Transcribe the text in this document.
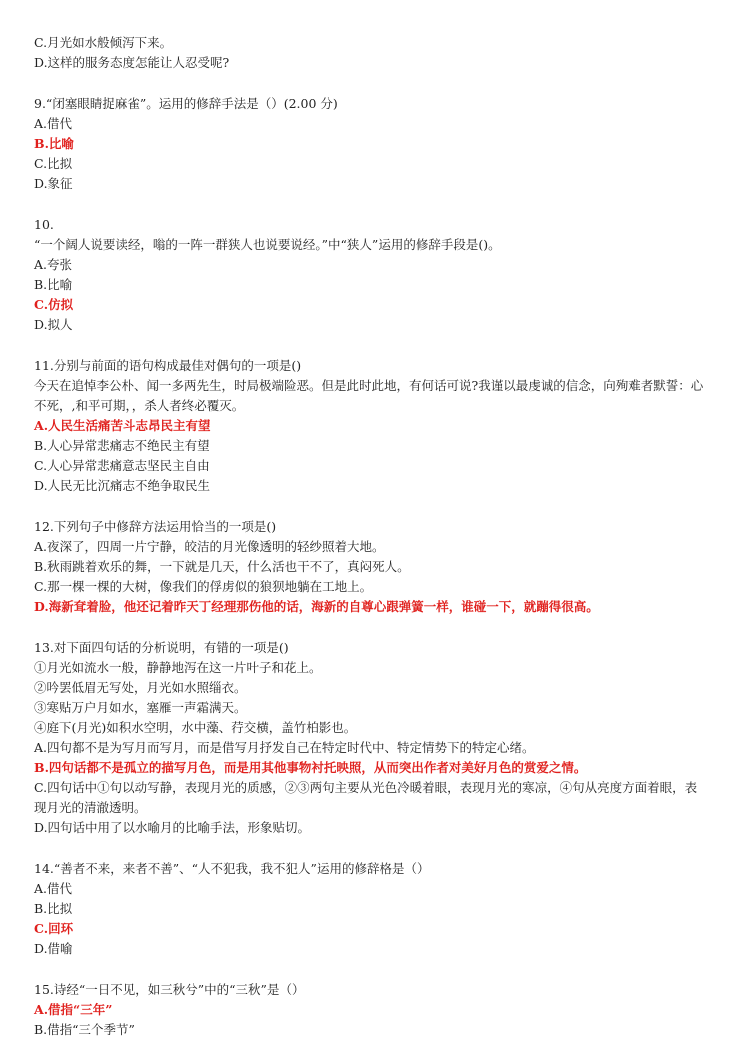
C.月光如水般倾泻下来。

D.这样的服务态度怎能让人忍受呢?

9.“闭塞眼睛捉麻雀”。运用的修辞手法是（）(2.00 分)

A.借代

B.比喻

C.比拟

D.象征

10.

“一个阔人说要读经，嗡的一阵一群狭人也说要说经。”中“狭人”运用的修辞手段是()。

A.夸张

B.比喻

C.仿拟

D.拟人

11.分别与前面的语句构成最佳对偶句的一项是()

今天在追悼李公朴、闻一多两先生，时局极端险恶。但是此时此地，有何话可说?我谨以最虔诚的信念，向殉难者默誓：心不死，,和平可期，，杀人者终必覆灭。

A.人民生活痛苦斗志昂民主有望

B.人心异常悲痛志不绝民主有望

C.人心异常悲痛意志坚民主自由

D.人民无比沉痛志不绝争取民生

12.下列句子中修辞方法运用恰当的一项是()

A.夜深了，四周一片宁静，皎洁的月光像透明的轻纱照着大地。

B.秋雨跳着欢乐的舞，一下就是几天，什么活也干不了，真闷死人。

C.那一棵一棵的大树，像我们的俘虏似的狼狈地躺在工地上。

D.海新耷着脸，他还记着昨天丁经理那伤他的话，海新的自尊心跟弹簧一样，谁碰一下，就蹦得很高。

13.对下面四句话的分析说明，有错的一项是()

①月光如流水一般，静静地泻在这一片叶子和花上。

②吟罢低眉无写处，月光如水照缁衣。

③寒贴万户月如水，塞雁一声霜满天。

④庭下(月光)如积水空明，水中藻、荇交横，盖竹柏影也。

A.四句都不是为写月而写月，而是借写月抒发自己在特定时代中、特定情势下的特定心绪。

B.四句话都不是孤立的描写月色，而是用其他事物衬托映照，从而突出作者对美好月色的赏爱之情。

C.四句话中①句以动写静，表现月光的质感，②③两句主要从光色冷暖着眼，表现月光的寒凉，④句从亮度方面着眼，表现月光的清澈透明。

D.四句话中用了以水喻月的比喻手法，形象贴切。

14.“善者不来，来者不善”、“人不犯我，我不犯人”运用的修辞格是（）

A.借代

B.比拟

C.回环

D.借喻

15.诗经“一日不见，如三秋兮”中的“三秋”是（）

A.借指“三年”

B.借指“三个季节”
